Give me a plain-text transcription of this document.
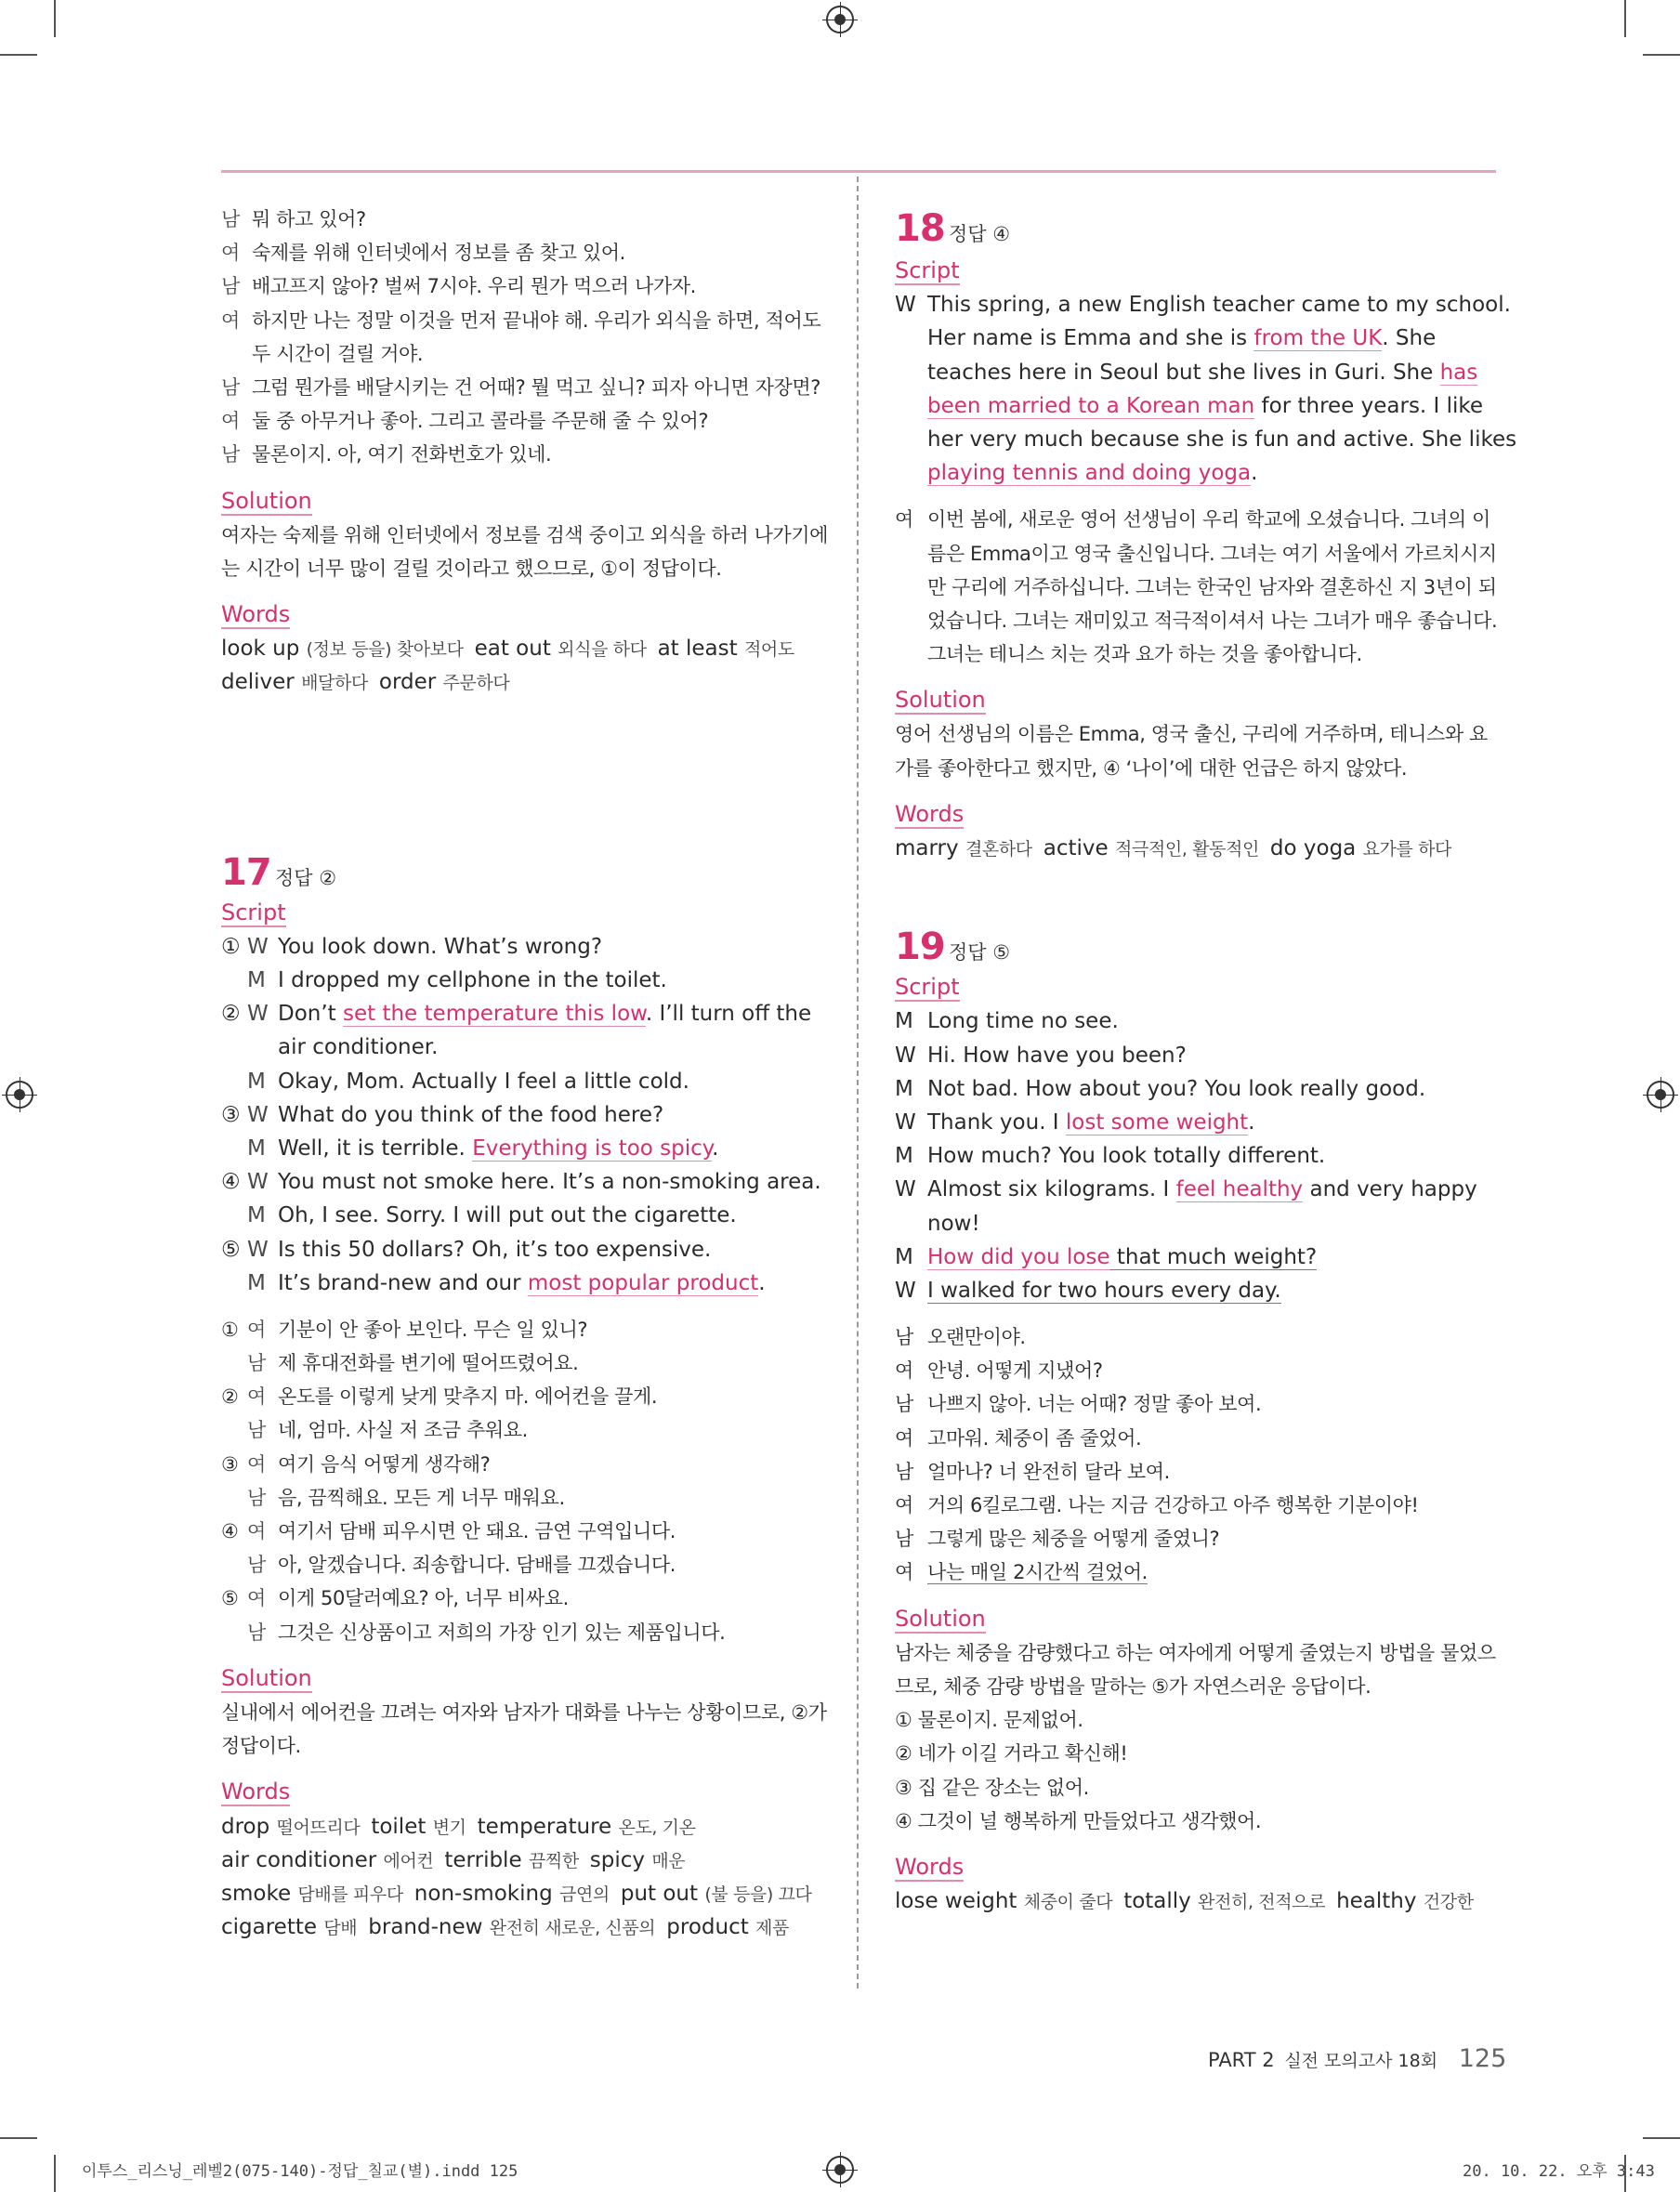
남 뭐 하고 있어?
여 숙제를 위해 인터넷에서 정보를 좀 찾고 있어.
남 배고프지 않아? 벌써 7시야. 우리 뭔가 먹으러 나가자.
여 하지만 나는 정말 이것을 먼저 끝내야 해. 우리가 외식을 하면, 적어도
두 시간이 걸릴 거야.
남 그럼 뭔가를 배달시키는 건 어때? 뭘 먹고 싶니? 피자 아니면 자장면?
여 둘 중 아무거나 좋아. 그리고 콜라를 주문해 줄 수 있어?
남 물론이지. 아, 여기 전화번호가 있네.
Solution
여자는 숙제를 위해 인터넷에서 정보를 검색 중이고 외식을 하러 나가기에
는 시간이 너무 많이 걸릴 것이라고 했으므로, ①이 정답이다.
Words
look up (정보 등을) 찾아보다 eat out 외식을 하다 at least 적어도
deliver 배달하다 order 주문하다
17 정답 ②
Script
① W You look down. What’s wrong?
M I dropped my cellphone in the toilet.
② W Don’t set the temperature this low. I’ll turn off the
air conditioner.
M Okay, Mom. Actually I feel a little cold.
③ W What do you think of the food here?
M Well, it is terrible. Everything is too spicy.
④ W You must not smoke here. It’s a non-smoking area.
M Oh, I see. Sorry. I will put out the cigarette.
⑤ W Is this 50 dollars? Oh, it’s too expensive.
M It’s brand-new and our most popular product.
① 여 기분이 안 좋아 보인다. 무슨 일 있니?
남 제 휴대전화를 변기에 떨어뜨렸어요.
② 여 온도를 이렇게 낮게 맞추지 마. 에어컨을 끌게.
남 네, 엄마. 사실 저 조금 추워요.
③ 여 여기 음식 어떻게 생각해?
남 음, 끔찍해요. 모든 게 너무 매워요.
④ 여 여기서 담배 피우시면 안 돼요. 금연 구역입니다.
남 아, 알겠습니다. 죄송합니다. 담배를 끄겠습니다.
⑤ 여 이게 50달러예요? 아, 너무 비싸요.
남 그것은 신상품이고 저희의 가장 인기 있는 제품입니다.
Solution
실내에서 에어컨을 끄려는 여자와 남자가 대화를 나누는 상황이므로, ②가
정답이다.
Words
drop 떨어뜨리다 toilet 변기 temperature 온도, 기온
air conditioner 에어컨 terrible 끔찍한 spicy 매운
smoke 담배를 피우다 non-smoking 금연의 put out (불 등을) 끄다
cigarette 담배 brand-new 완전히 새로운, 신품의 product 제품
18 정답 ④
Script
W This spring, a new English teacher came to my school.
Her name is Emma and she is from the UK. She
teaches here in Seoul but she lives in Guri. She has
been married to a Korean man for three years. I like
her very much because she is fun and active. She likes
playing tennis and doing yoga.
여 이번 봄에, 새로운 영어 선생님이 우리 학교에 오셨습니다. 그녀의 이
름은 Emma이고 영국 출신입니다. 그녀는 여기 서울에서 가르치시지
만 구리에 거주하십니다. 그녀는 한국인 남자와 결혼하신 지 3년이 되
었습니다. 그녀는 재미있고 적극적이셔서 나는 그녀가 매우 좋습니다.
그녀는 테니스 치는 것과 요가 하는 것을 좋아합니다.
Solution
영어 선생님의 이름은 Emma, 영국 출신, 구리에 거주하며, 테니스와 요
가를 좋아한다고 했지만, ④ ‘나이’에 대한 언급은 하지 않았다.
Words
marry 결혼하다 active 적극적인, 활동적인 do yoga 요가를 하다
19 정답 ⑤
Script
M Long time no see.
W Hi. How have you been?
M Not bad. How about you? You look really good.
W Thank you. I lost some weight.
M How much? You look totally different.
W Almost six kilograms. I feel healthy and very happy
now!
M How did you lose that much weight?
W I walked for two hours every day.
남 오랜만이야.
여 안녕. 어떻게 지냈어?
남 나쁘지 않아. 너는 어때? 정말 좋아 보여.
여 고마워. 체중이 좀 줄었어.
남 얼마나? 너 완전히 달라 보여.
여 거의 6킬로그램. 나는 지금 건강하고 아주 행복한 기분이야!
남 그렇게 많은 체중을 어떻게 줄였니?
여 나는 매일 2시간씩 걸었어.
Solution
남자는 체중을 감량했다고 하는 여자에게 어떻게 줄였는지 방법을 물었으
므로, 체중 감량 방법을 말하는 ⑤가 자연스러운 응답이다.
① 물론이지. 문제없어.
② 네가 이길 거라고 확신해!
③ 집 같은 장소는 없어.
④ 그것이 널 행복하게 만들었다고 생각했어.
Words
lose weight 체중이 줄다 totally 완전히, 전적으로 healthy 건강한
PART 2 실전 모의고사 18회 125
이투스_리스닝_레벨2(075-140)-정답_칠교(별).indd 125	20. 10. 22. 오후 3:43
